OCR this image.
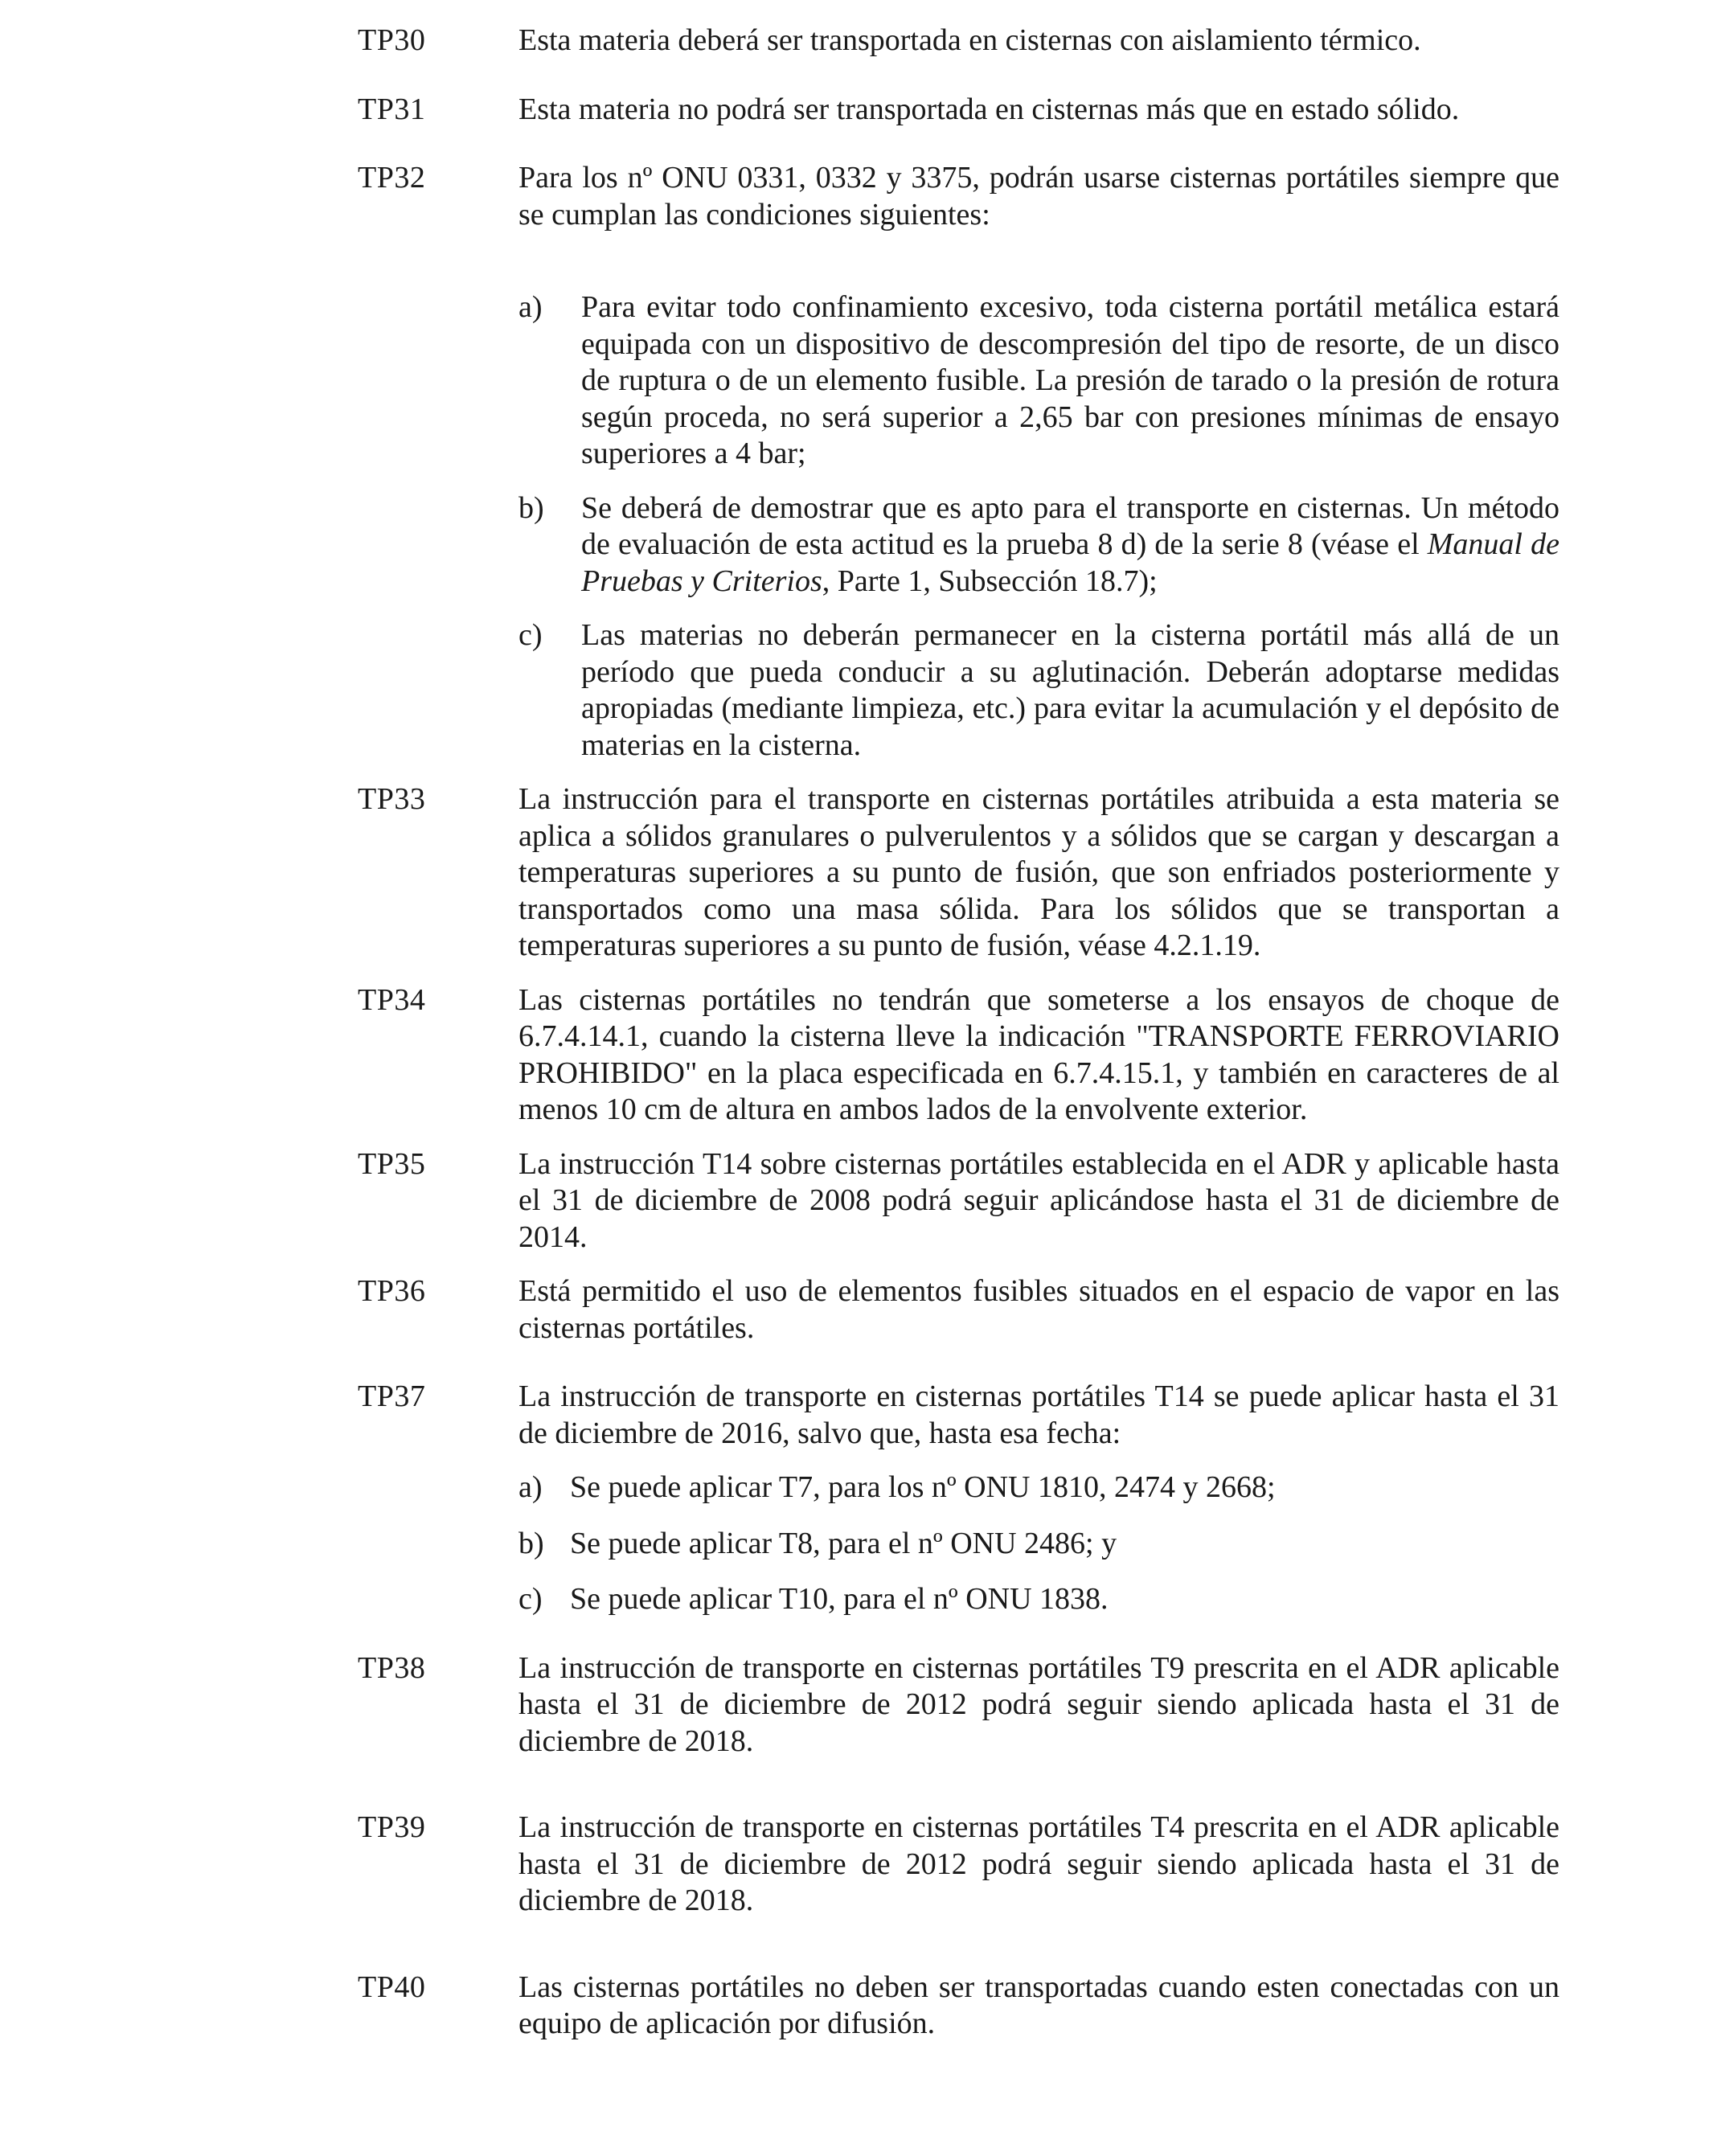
TP30	Esta materia deberá ser transportada en cisternas con aislamiento térmico.

TP31	Esta materia no podrá ser transportada en cisternas más que en estado sólido.

TP32	Para los nº ONU 0331, 0332 y 3375, podrán usarse cisternas portátiles siempre que se cumplan las condiciones siguientes:

a)	Para evitar todo confinamiento excesivo, toda cisterna portátil metálica estará equipada con un dispositivo de descompresión del tipo de resorte, de un disco de ruptura o de un elemento fusible. La presión de tarado o la presión de rotura según proceda, no será superior a 2,65 bar con presiones mínimas de ensayo superiores a 4 bar;
b)	Se deberá de demostrar que es apto para el transporte en cisternas. Un método de evaluación de esta actitud es la prueba 8 d) de la serie 8 (véase el Manual de Pruebas y Criterios, Parte 1, Subsección 18.7);
c)	Las materias no deberán permanecer en la cisterna portátil más allá de un período que pueda conducir a su aglutinación. Deberán adoptarse medidas apropiadas (mediante limpieza, etc.) para evitar la acumulación y el depósito de materias en la cisterna.
TP33	La instrucción para el transporte en cisternas portátiles atribuida a esta materia se aplica a sólidos granulares o pulverulentos y a sólidos que se cargan y descargan a temperaturas superiores a su punto de fusión, que son enfriados posteriormente y transportados como una masa sólida. Para los sólidos que se transportan a temperaturas superiores a su punto de fusión, véase 4.2.1.19.

TP34	Las cisternas portátiles no tendrán que someterse a los ensayos de choque de 6.7.4.14.1, cuando la cisterna lleve la indicación "TRANSPORTE FERROVIARIO PROHIBIDO" en la placa especificada en 6.7.4.15.1, y también en caracteres de al menos 10 cm de altura en ambos lados de la envolvente exterior.

TP35	La instrucción T14 sobre cisternas portátiles establecida en el ADR y aplicable hasta el 31 de diciembre de 2008 podrá seguir aplicándose hasta el 31 de diciembre de 2014.

TP36	Está permitido el uso de elementos fusibles situados en el espacio de vapor en las cisternas portátiles.

TP37	La instrucción de transporte en cisternas portátiles T14 se puede aplicar hasta el 31 de diciembre de 2016, salvo que, hasta esa fecha:

a) Se puede aplicar T7, para los nº ONU 1810, 2474 y 2668;
b) Se puede aplicar T8, para el nº ONU 2486; y
c) Se puede aplicar T10, para el nº ONU 1838.
TP38	La instrucción de transporte en cisternas portátiles T9 prescrita en el ADR aplicable hasta el 31 de diciembre de 2012 podrá seguir siendo aplicada hasta el 31 de diciembre de 2018.

TP39	La instrucción de transporte en cisternas portátiles T4 prescrita en el ADR aplicable hasta el 31 de diciembre de 2012 podrá seguir siendo aplicada hasta el 31 de diciembre de 2018.

TP40	Las cisternas portátiles no deben ser transportadas cuando esten conectadas con un equipo de aplicación por difusión.
